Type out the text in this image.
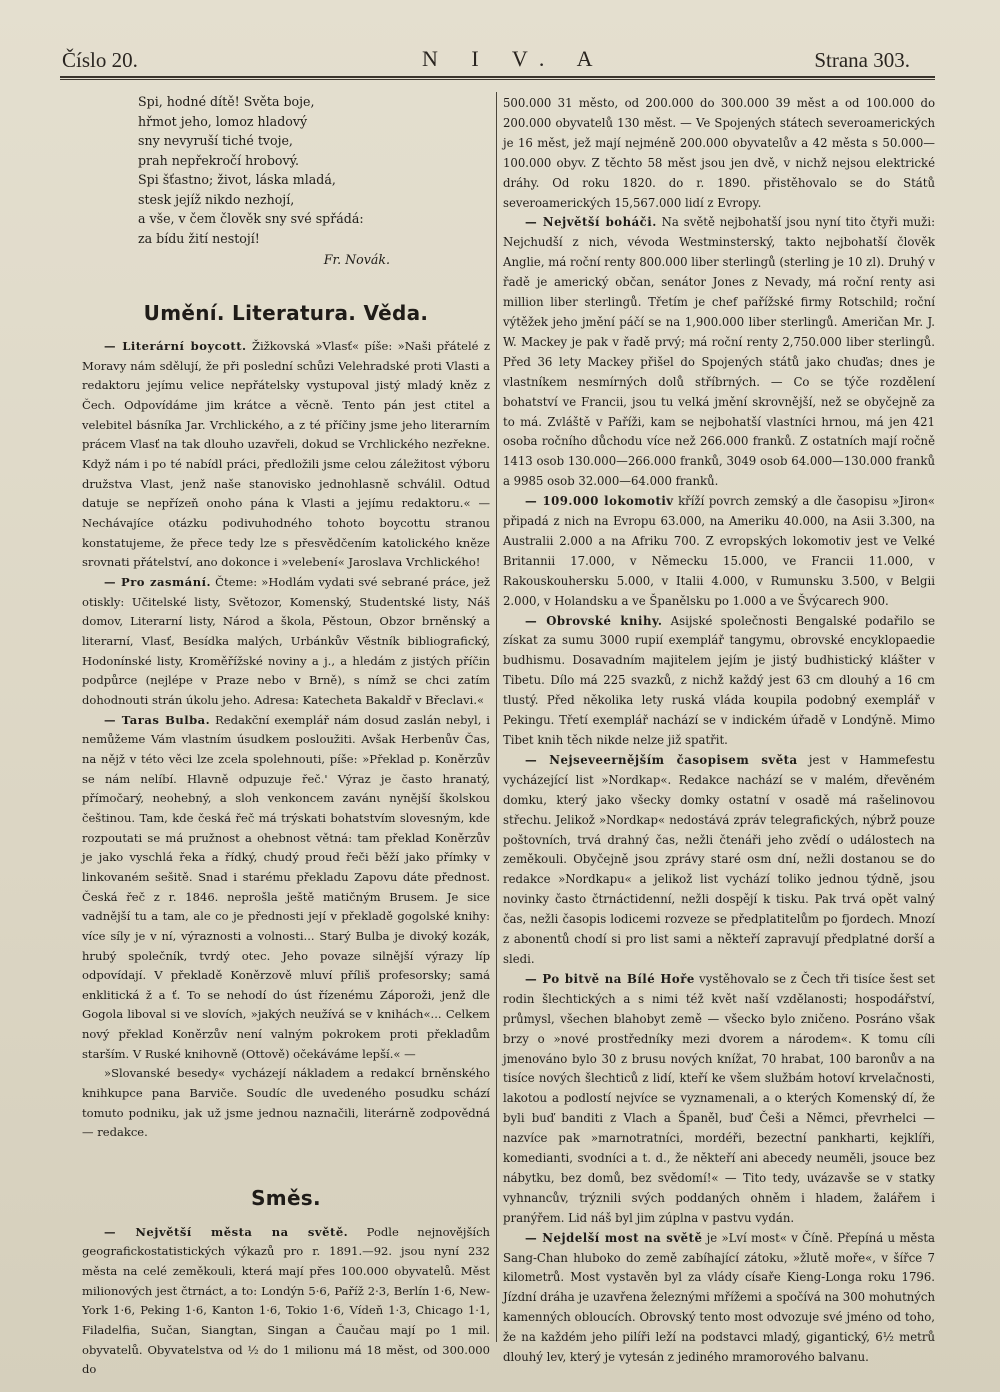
Číslo 20.	N I V. A	Strana 303.
Spi, hodné dítě! Světa boje,
hřmot jeho, lomoz hladový
sny nevyruší tiché tvoje,
prah nepřekročí hrobový.
Spi šťastno; život, láska mladá,
stesk jejíž nikdo nezhojí,
a vše, v čem člověk sny své spřádá:
za bídu žití nestojí!
Fr. Novák.
Umění. Literatura. Věda.

— Literární boycott. Žižkovská »Vlasť« píše: »Naši přátelé z Moravy nám sdělují, že při poslední schůzi Velehradské proti Vlasti a redaktoru jejímu velice nepřátelsky vystupoval jistý mladý kněz z Čech. Odpovídáme jim krátce a věcně. Tento pán jest ctitel a velebitel básníka Jar. Vrchlického, a z té příčiny jsme jeho literarním prácem Vlasť na tak dlouho uzavřeli, dokud se Vrchlického nezřekne. Když nám i po té nabídl práci, předložili jsme celou záležitost výboru družstva Vlast, jenž naše stanovisko jednohlasně schválil. Odtud datuje se nepřízeň onoho pána k Vlasti a jejímu redaktoru.« — Nechávajíce otázku podivuhodného tohoto boycottu stranou konstatujeme, že přece tedy lze s přesvědčením katolického kněze srovnati přátelství, ano dokonce i »velebení« Jaroslava Vrchlického!

— Pro zasmání. Čteme: »Hodlám vydati své sebrané práce, jež otiskly: Učitelské listy, Světozor, Komenský, Studentské listy, Náš domov, Literarní listy, Národ a škola, Pěstoun, Obzor brněnský a literarní, Vlasť, Besídka malých, Urbánkův Věstník bibliografický, Hodonínské listy, Kroměřížské noviny a j., a hledám z jistých příčin podpůrce (nejlépe v Praze nebo v Brně), s nímž se chci zatím dohodnouti strán úkolu jeho. Adresa: Katecheta Bakaldř v Břeclavi.«

— Taras Bulba. Redakční exemplář nám dosud zaslán nebyl, i nemůžeme Vám vlastním úsudkem posloužiti. Avšak Herbenův Čas, na nějž v této věci lze zcela spolehnouti, píše: »Překlad p. Koněrzův se nám nelíbí. Hlavně odpuzuje řeč.' Výraz je často hranatý, přímočarý, neohebný, a sloh venkoncem zavánι nynější školskou češtinou. Tam, kde česká řeč má trýskati bohatstvím slovesným, kde rozpoutati se má pružnost a ohebnost větná: tam překlad Koněrzův je jako vyschlá řeka a řídký, chudý proud řeči běží jako přímky v linkovaném sešitě. Snad i starému překladu Zapovu dáte přednost. Česká řeč z r. 1846. neprošla ještě matičným Brusem. Je sice vadnější tu a tam, ale co je přednosti její v překladě gogolské knihy: více síly je v ní, výraznosti a volnosti... Starý Bulba je divoký kozák, hrubý společník, tvrdý otec. Jeho povaze silnější výrazy líp odpovídají. V překladě Koněrzově mluví příliš profesorsky; samá enklitická ž a ť. To se nehodí do úst řízenému Záporoži, jenž dle Gogola liboval si ve slovích, »jakých neužívá se v knihách«... Celkem nový překlad Koněrzův není valným pokrokem proti překladům starším. V Ruské knihovně (Ottově) očekáváme lepší.« —

»Slovanské besedy« vycházejí nákladem a redakcí brněnského knihkupce pana Barviče. Soudíc dle uvedeného posudku schází tomuto podniku, jak už jsme jednou naznačili, literárně zodpovědná — redakce.

Směs.

— Největší města na světě. Podle nejnovějších geografickostatistických výkazů pro r. 1891.—92. jsou nyní 232 města na celé zeměkouli, která mají přes 100.000 obyvatelů. Měst milionových jest čtrnáct, a to: Londýn 5·6, Paříž 2·3, Berlín 1·6, New-York 1·6, Peking 1·6, Kanton 1·6, Tokio 1·6, Vídeň 1·3, Chicago 1·1, Filadelfia, Sučan, Siangtan, Singan a Čaučau mají po 1 mil. obyvatelů. Obyvatelstva od ½ do 1 milionu má 18 měst, od 300.000 do

500.000 31 město, od 200.000 do 300.000 39 měst a od 100.000 do 200.000 obyvatelů 130 měst. — Ve Spojených státech severoamerických je 16 měst, jež mají nejméně 200.000 obyvatelův a 42 města s 50.000—100.000 obyv. Z těchto 58 měst jsou jen dvě, v nichž nejsou elektrické dráhy. Od roku 1820. do r. 1890. přistěhovalo se do Států severoamerických 15,567.000 lidí z Evropy.

— Největší boháči. Na světě nejbohatší jsou nyní tito čtyři muži: Nejchudší z nich, vévoda Westminsterský, takto nejbohatší člověk Anglie, má roční renty 800.000 liber sterlingů (sterling je 10 zl). Druhý v řadě je americký občan, senátor Jones z Nevady, má roční renty asi million liber sterlingů. Třetím je chef pařížské firmy Rotschild; roční výtěžek jeho jmění páčí se na 1,900.000 liber sterlingů. Američan Mr. J. W. Mackey je pak v řadě prvý; má roční renty 2,750.000 liber sterlingů. Před 36 lety Mackey přišel do Spojených států jako chuďas; dnes je vlastníkem nesmírných dolů stříbrných. — Co se týče rozdělení bohatství ve Francii, jsou tu velká jmění skrovnější, než se obyčejně za to má. Zvláště v Paříži, kam se nejbohatší vlastníci hrnou, má jen 421 osoba ročního důchodu více než 266.000 franků. Z ostatních mají ročně 1413 osob 130.000—266.000 franků, 3049 osob 64.000—130.000 franků a 9985 osob 32.000—64.000 franků.

— 109.000 lokomotiv kříží povrch zemský a dle časopisu »Jiron« připadá z nich na Evropu 63.000, na Ameriku 40.000, na Asii 3.300, na Australii 2.000 a na Afriku 700. Z evropských lokomotiv jest ve Velké Britannii 17.000, v Německu 15.000, ve Francii 11.000, v Rakouskouhersku 5.000, v Italii 4.000, v Rumunsku 3.500, v Belgii 2.000, v Holandsku a ve Španělsku po 1.000 a ve Švýcarech 900.

— Obrovské knihy. Asijské společnosti Bengalské podařilo se získat za sumu 3000 rupií exemplář tangymu, obrovské encyklopaedie budhismu. Dosavadním majitelem jejím je jistý budhistický klášter v Tibetu. Dílo má 225 svazků, z nichž každý jest 63 cm dlouhý a 16 cm tlustý. Před několika lety ruská vláda koupila podobný exemplář v Pekingu. Třetí exemplář nachází se v indickém úřadě v Londýně. Mimo Tibet knih těch nikde nelze již spatřit.

— Nejseveernějším časopisem světa jest v Hammefestu vycházející list »Nordkap«. Redakce nachází se v malém, dřevěném domku, který jako všecky domky ostatní v osadě má rašelinovou střechu. Jelikož »Nordkap« nedostává zpráv telegrafických, nýbrž pouze poštovních, trvá drahný čas, nežli čtenáři jeho zvědí o událostech na zeměkouli. Obyčejně jsou zprávy staré osm dní, nežli dostanou se do redakce »Nordkapu« a jelikož list vychází toliko jednou týdně, jsou novinky často čtrnáctidenní, nežli dospějí k tisku. Pak trvá opět valný čas, nežli časopis lodicemi rozveze se předplatitelům po fjordech. Mnozí z abonentů chodí si pro list sami a někteří zapravují předplatné dorší a sledi.

— Po bitvě na Bílé Hoře vystěhovalo se z Čech tři tisíce šest set rodin šlechtických a s nimi též květ naší vzdělanosti; hospodářství, průmysl, všechen blahobyt země — všecko bylo zničeno. Posráno však brzy o »nové prostředníky mezi dvorem a národem«. K tomu cíli jmenováno bylo 30 z brusu nových knížat, 70 hrabat, 100 baronův a na tisíce nových šlechticů z lidí, kteří ke všem službám hotoví krvelačnosti, lakotou a podlostí nejvíce se vyznamenali, a o kterých Komenský dí, že byli buď banditi z Vlach a Španěl, buď Češi a Němci, převrhelci — nazvíce pak »marnotratníci, mordéři, bezectní pankharti, kejklíři, komedianti, svodníci a t. d., že někteří ani abecedy neuměli, jsouce bez nábytku, bez domů, bez svědomí!« — Tito tedy, uvázavše se v statky vyhnancův, trýznili svých poddaných ohněm i hladem, žalářem i pranýřem. Lid náš byl jim zúplna v pastvu vydán.

— Nejdelší most na světě je »Lví most« v Číně. Přepíná u města Sang-Chan hluboko do země zabíhající zátoku, »žlutě moře«, v šířce 7 kilometrů. Most vystavěn byl za vlády císaře Kieng-Longa roku 1796. Jízdní dráha je uzavřena železnými mřížemi a spočívá na 300 mohutných kamenných obloucích. Obrovský tento most odvozuje své jméno od toho, že na každém jeho pilíři leží na podstavci mladý, gigantický, 6½ metrů dlouhý lev, který je vytesán z jediného mramorového balvanu.
